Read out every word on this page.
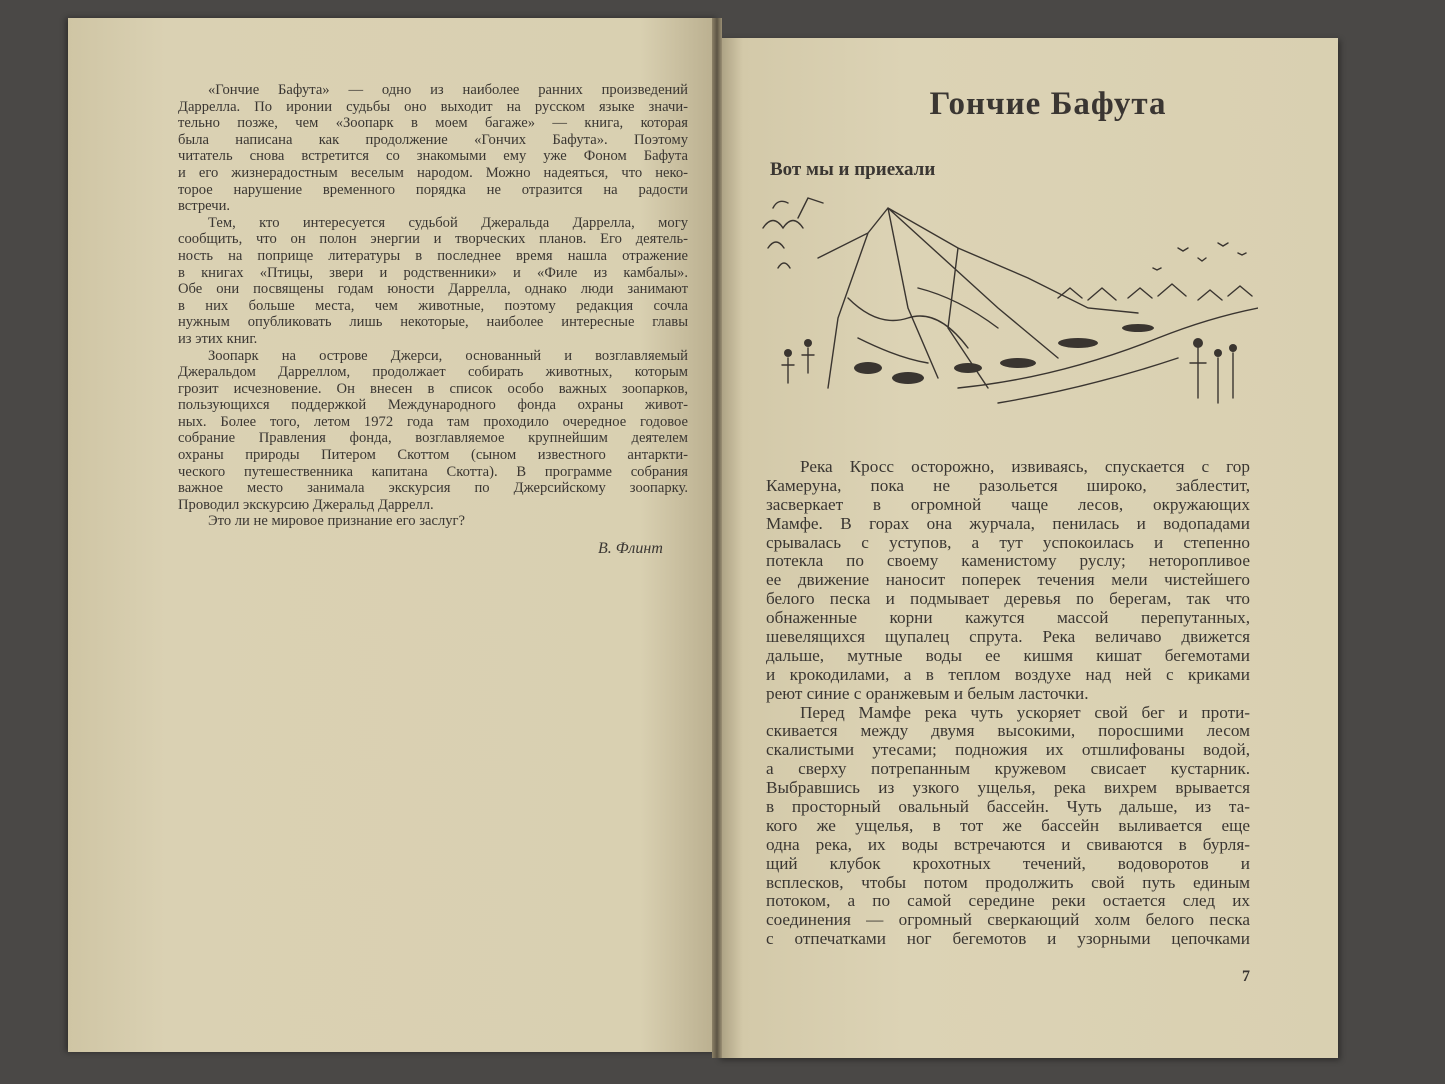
«Гончие Бафута» — одно из наиболее ранних произведений
Даррелла. По иронии судьбы оно выходит на русском языке значи-
тельно позже, чем «Зоопарк в моем багаже» — книга, которая
была написана как продолжение «Гончих Бафута». Поэтому
читатель снова встретится со знакомыми ему уже Фоном Бафута
и его жизнерадостным веселым народом. Можно надеяться, что неко-
торое нарушение временного порядка не отразится на радости
встречи.
Тем, кто интересуется судьбой Джеральда Даррелла, могу
сообщить, что он полон энергии и творческих планов. Его деятель-
ность на поприще литературы в последнее время нашла отражение
в книгах «Птицы, звери и родственники» и «Филе из камбалы».
Обе они посвящены годам юности Даррелла, однако люди занимают
в них больше места, чем животные, поэтому редакция сочла
нужным опубликовать лишь некоторые, наиболее интересные главы
из этих книг.
Зоопарк на острове Джерси, основанный и возглавляемый
Джеральдом Дарреллом, продолжает собирать животных, которым
грозит исчезновение. Он внесен в список особо важных зоопарков,
пользующихся поддержкой Международного фонда охраны живот-
ных. Более того, летом 1972 года там проходило очередное годовое
собрание Правления фонда, возглавляемое крупнейшим деятелем
охраны природы Питером Скоттом (сыном известного антаркти-
ческого путешественника капитана Скотта). В программе собрания
важное место занимала экскурсия по Джерсийскому зоопарку.
Проводил экскурсию Джеральд Даррелл.
Это ли не мировое признание его заслуг?
В. Флинт
Гончие Бафута
Вот мы и приехали
Река Кросс осторожно, извиваясь, спускается с гор
Камеруна, пока не разольется широко, заблестит,
засверкает в огромной чаще лесов, окружающих
Мамфе. В горах она журчала, пенилась и водопадами
срывалась с уступов, а тут успокоилась и степенно
потекла по своему каменистому руслу; неторопливое
ее движение наносит поперек течения мели чистейшего
белого песка и подмывает деревья по берегам, так что
обнаженные корни кажутся массой перепутанных,
шевелящихся щупалец спрута. Река величаво движется
дальше, мутные воды ее кишмя кишат бегемотами
и крокодилами, а в теплом воздухе над ней с криками
реют синие с оранжевым и белым ласточки.
Перед Мамфе река чуть ускоряет свой бег и проти-
скивается между двумя высокими, поросшими лесом
скалистыми утесами; подножия их отшлифованы водой,
а сверху потрепанным кружевом свисает кустарник.
Выбравшись из узкого ущелья, река вихрем врывается
в просторный овальный бассейн. Чуть дальше, из та-
кого же ущелья, в тот же бассейн выливается еще
одна река, их воды встречаются и свиваются в бурля-
щий клубок крохотных течений, водоворотов и
всплесков, чтобы потом продолжить свой путь единым
потоком, а по самой середине реки остается след их
соединения — огромный сверкающий холм белого песка
с отпечатками ног бегемотов и узорными цепочками
7
